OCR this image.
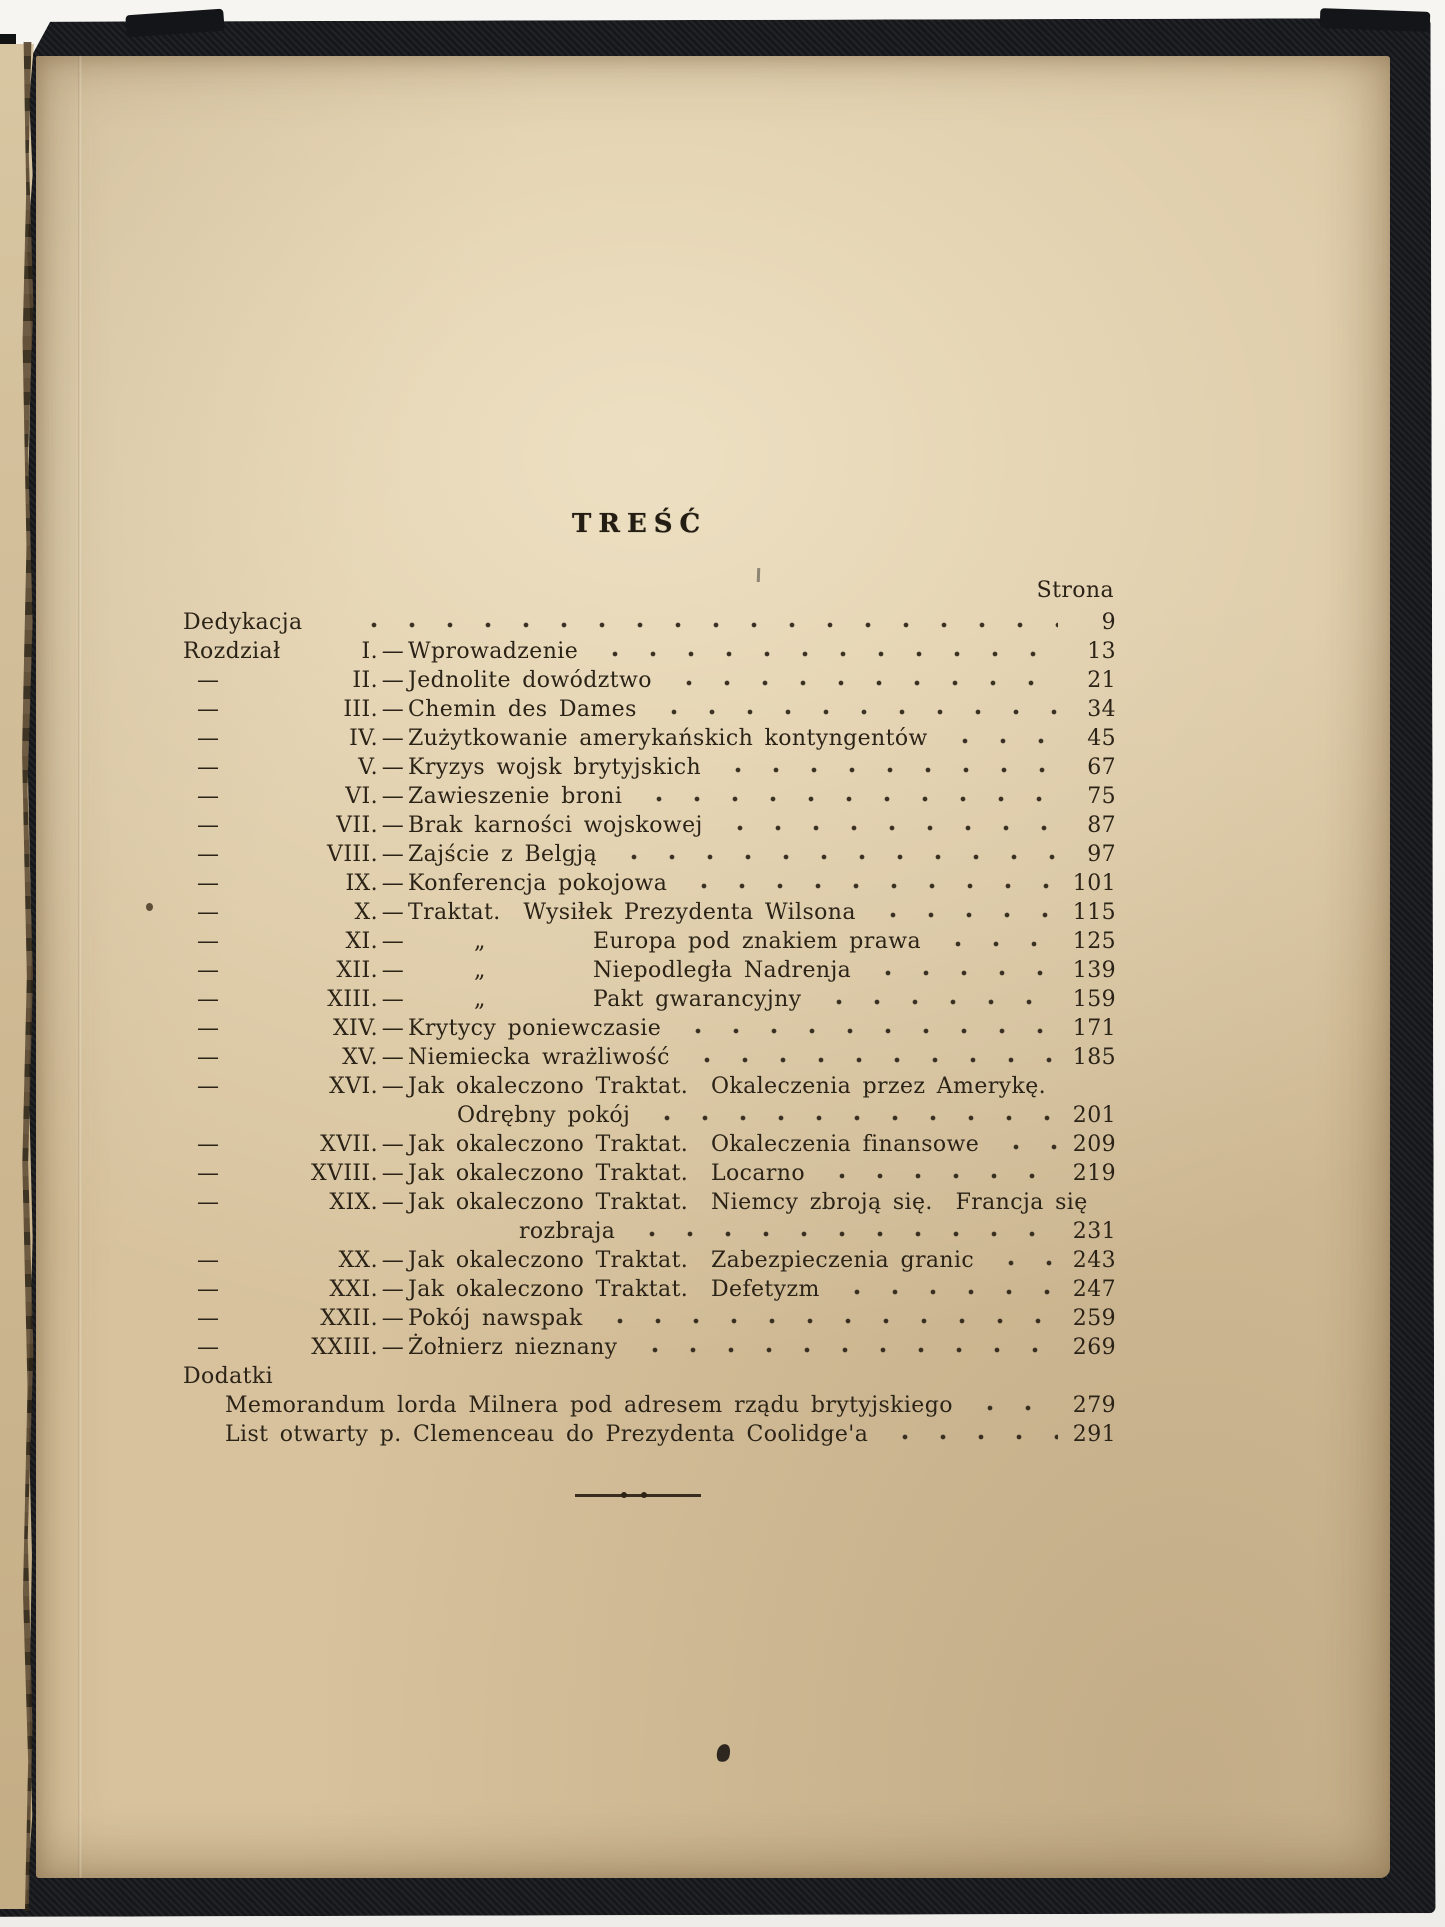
TREŚĆ
Strona
Dedykacja	9
Rozdział	I. — Wprowadzenie	13
—	II. — Jednolite dowództwo	21
—	III. — Chemin des Dames	34
—	IV. — Zużytkowanie amerykańskich kontyngentów	45
—	V. — Kryzys wojsk brytyjskich	67
—	VI. — Zawieszenie broni	75
—	VII. — Brak karności wojskowej	87
—	VIII. — Zajście z Belgją	97
—	IX. — Konferencja pokojowa	101
—	X. — Traktat.  Wysiłek Prezydenta Wilsona	115
—	XI. —	„	Europa pod znakiem prawa	125
—	XII. —	„	Niepodległa Nadrenja	139
—	XIII. —	„	Pakt gwarancyjny	159
—	XIV. — Krytycy poniewczasie	171
—	XV. — Niemiecka wrażliwość	185
—	XVI. — Jak okaleczono Traktat.  Okaleczenia przez Amerykę.
Odrębny pokój	201
—	XVII. — Jak okaleczono Traktat.  Okaleczenia finansowe	209
—	XVIII. — Jak okaleczono Traktat.  Locarno	219
—	XIX. — Jak okaleczono Traktat.  Niemcy zbroją się.  Francja się
rozbraja	231
—	XX. — Jak okaleczono Traktat.  Zabezpieczenia granic	243
—	XXI. — Jak okaleczono Traktat.  Defetyzm	247
—	XXII. — Pokój nawspak	259
—	XXIII. — Żołnierz nieznany	269
Dodatki
Memorandum lorda Milnera pod adresem rządu brytyjskiego	279
List otwarty p. Clemenceau do Prezydenta Coolidge'a	291
